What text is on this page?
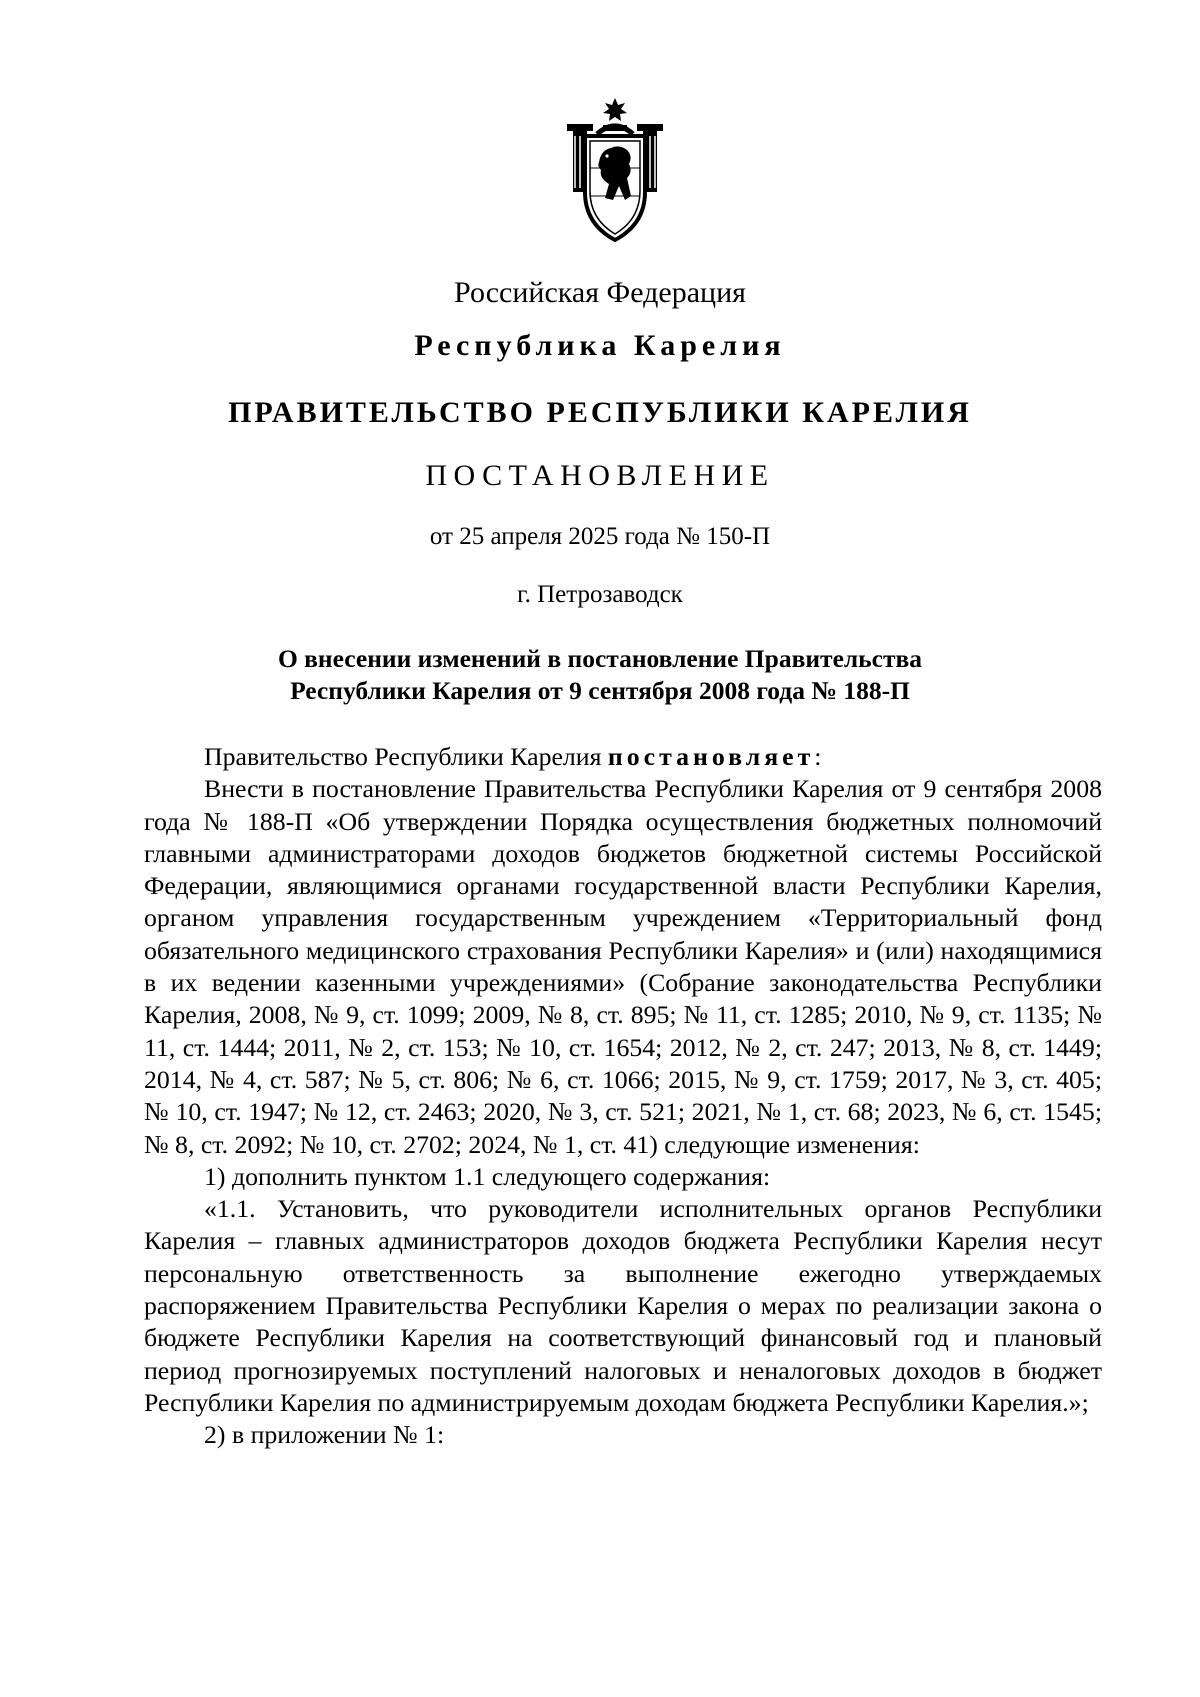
Российская Федерация
Республика Карелия
ПРАВИТЕЛЬСТВО РЕСПУБЛИКИ КАРЕЛИЯ
ПОСТАНОВЛЕНИЕ
от 25 апреля 2025 года № 150-П
г. Петрозаводск
О внесении изменений в постановление Правительства
Республики Карелия от 9 сентября 2008 года № 188-П

Правительство Республики Карелия постановляет:

Внести в постановление Правительства Республики Карелия от 9 сентября 2008 года № 188-П «Об утверждении Порядка осуществления бюджетных полномочий главными администраторами доходов бюджетов бюджетной системы Российской Федерации, являющимися органами государственной власти Республики Карелия, органом управления государственным учреждением «Территориальный фонд обязательного медицинского страхования Республики Карелия» и (или) находящимися в их ведении казенными учреждениями» (Собрание законодательства Республики Карелия, 2008, № 9, ст. 1099; 2009, № 8, ст. 895; № 11, ст. 1285; 2010, № 9, ст. 1135; № 11, ст. 1444; 2011, № 2, ст. 153; № 10, ст. 1654; 2012, № 2, ст. 247; 2013, № 8, ст. 1449; 2014, № 4, ст. 587; № 5, ст. 806; № 6, ст. 1066; 2015, № 9, ст. 1759; 2017, № 3, ст. 405; № 10, ст. 1947; № 12, ст. 2463; 2020, № 3, ст. 521; 2021, № 1, ст. 68; 2023, № 6, ст. 1545; № 8, ст. 2092; № 10, ст. 2702; 2024, № 1, ст. 41) следующие изменения:

1) дополнить пунктом 1.1 следующего содержания:

«1.1. Установить, что руководители исполнительных органов Республики Карелия – главных администраторов доходов бюджета Республики Карелия несут персональную ответственность за выполнение ежегодно утверждаемых распоряжением Правительства Республики Карелия о мерах по реализации закона о бюджете Республики Карелия на соответствующий финансовый год и плановый период прогнозируемых поступлений налоговых и неналоговых доходов в бюджет Республики Карелия по администрируемым доходам бюджета Республики Карелия.»;

2) в приложении № 1:
